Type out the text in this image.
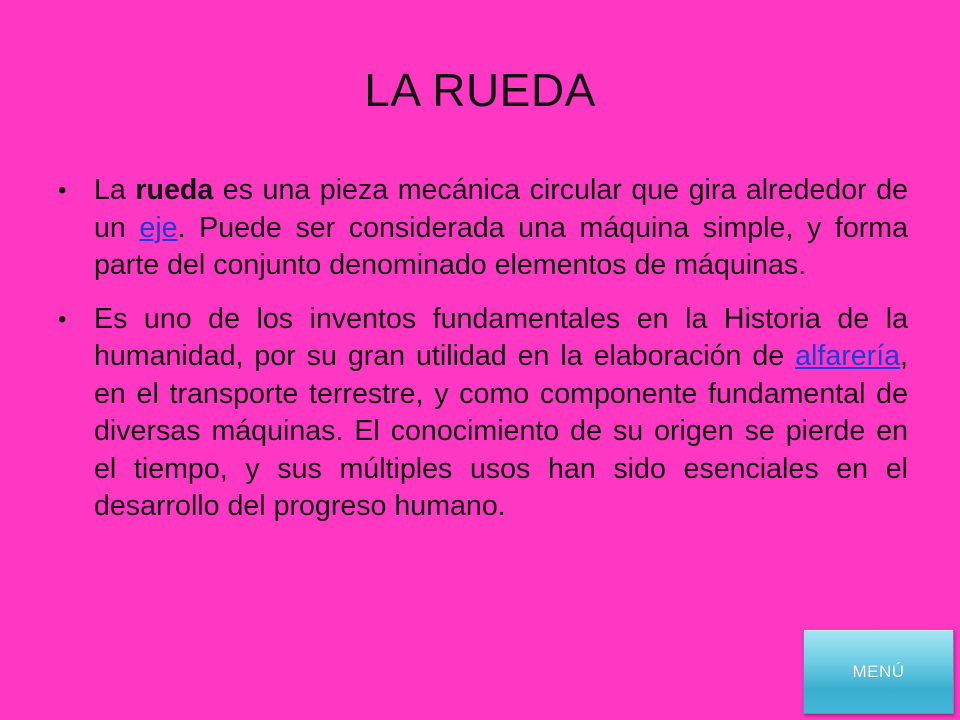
LA RUEDA
• La rueda es una pieza mecánica circular que gira alrededor de un eje. Puede ser considerada una máquina simple, y forma parte del conjunto denominado elementos de máquinas.
• Es uno de los inventos fundamentales en la Historia de la humanidad, por su gran utilidad en la elaboración de alfarería, en el transporte terrestre, y como componente fundamental de diversas máquinas. El conocimiento de su origen se pierde en el tiempo, y sus múltiples usos han sido esenciales en el desarrollo del progreso humano.
MENÚ
